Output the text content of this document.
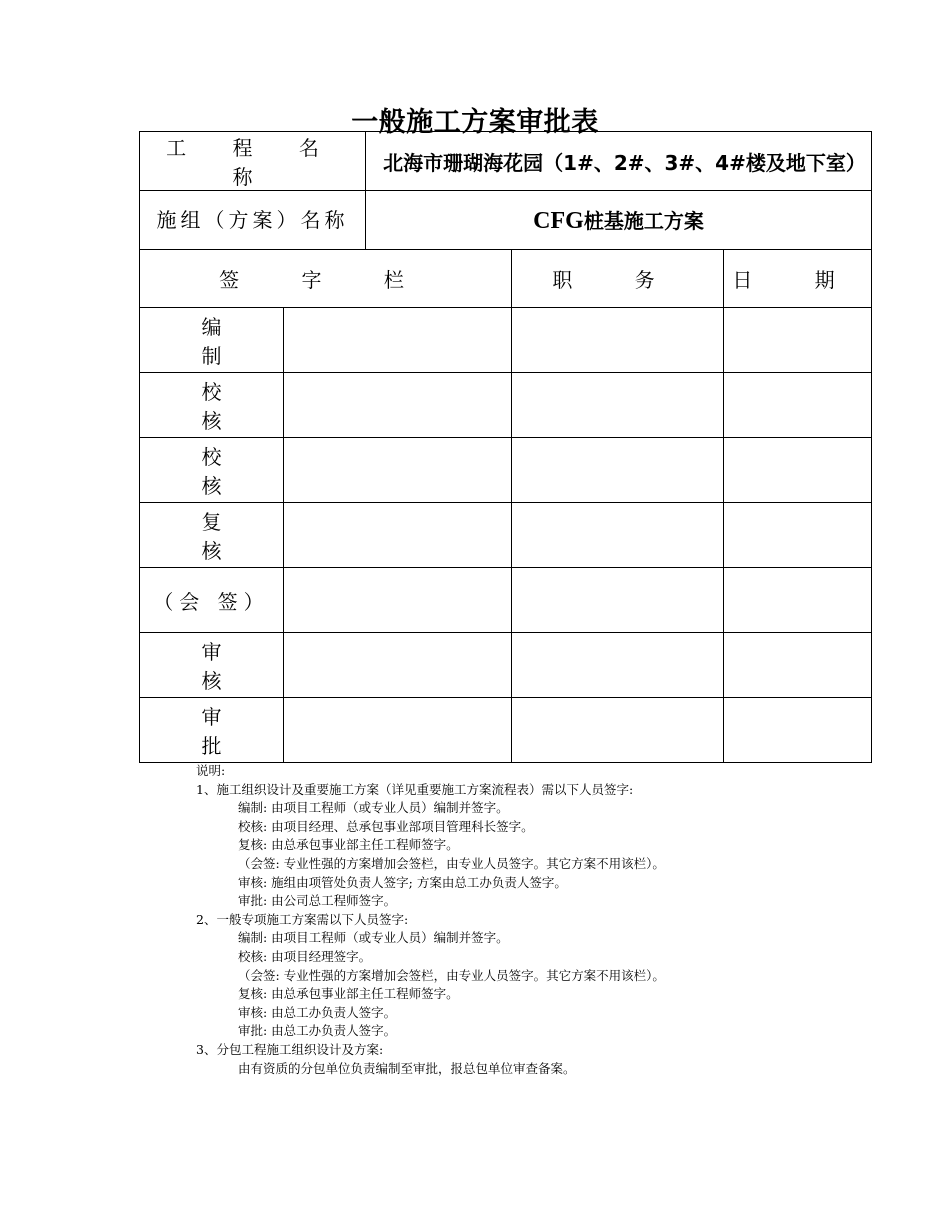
一般施工方案审批表
工 程 名 称		北海市珊瑚海花园（1#、2#、3#、4#楼及地下室）		
施组（方案）名称		CFG桩基施工方案		
签 字 栏			职 务	日 期
编 制				
校 核				
校 核				
复 核				
（会 签）				
审 核				
审 批				
说明:
1、施工组织设计及重要施工方案（详见重要施工方案流程表）需以下人员签字:
编制: 由项目工程师（或专业人员）编制并签字。
校核: 由项目经理、总承包事业部项目管理科长签字。
复核: 由总承包事业部主任工程师签字。
（会签: 专业性强的方案增加会签栏，由专业人员签字。其它方案不用该栏）。
审核: 施组由项管处负责人签字; 方案由总工办负责人签字。
审批: 由公司总工程师签字。
2、一般专项施工方案需以下人员签字:
编制: 由项目工程师（或专业人员）编制并签字。
校核: 由项目经理签字。
（会签: 专业性强的方案增加会签栏，由专业人员签字。其它方案不用该栏）。
复核: 由总承包事业部主任工程师签字。
审核: 由总工办负责人签字。
审批: 由总工办负责人签字。
3、分包工程施工组织设计及方案:
由有资质的分包单位负责编制至审批，报总包单位审查备案。
